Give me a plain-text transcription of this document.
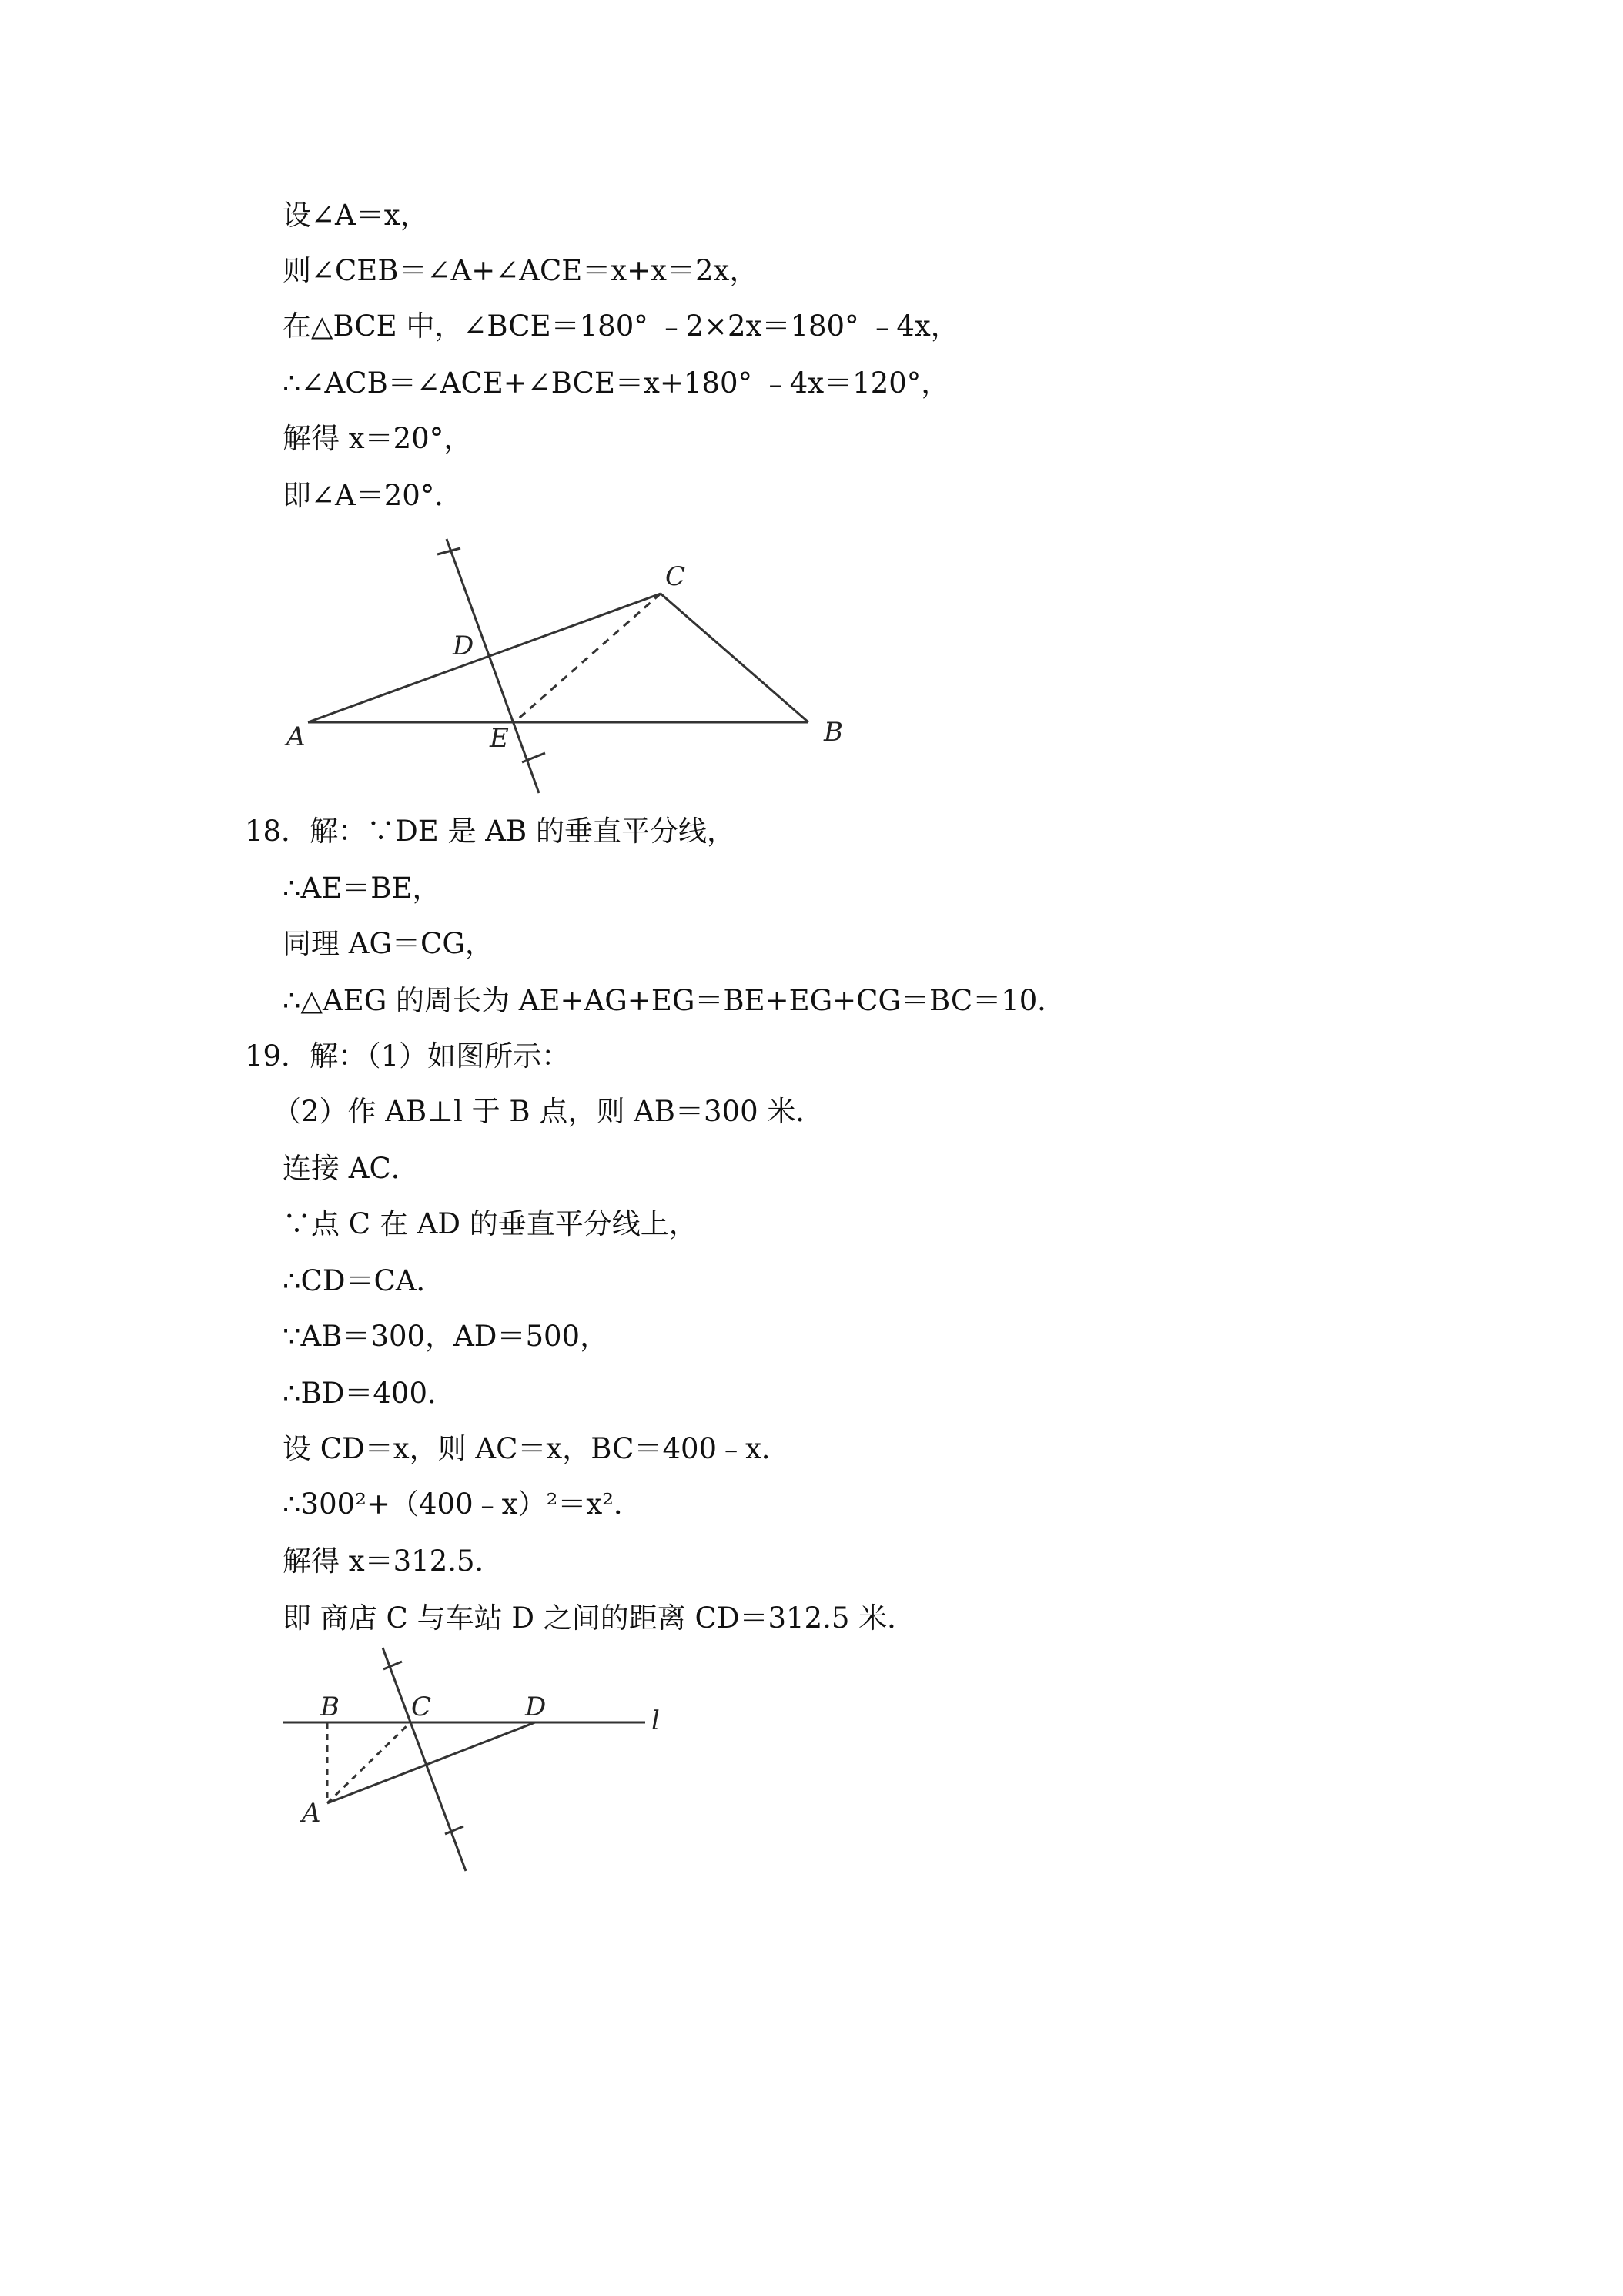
设∠A＝x，
则∠CEB＝∠A+∠ACE＝x+x＝2x，
在△BCE 中，∠BCE＝180° ﹣2×2x＝180° ﹣4x，
∴∠ACB＝∠ACE+∠BCE＝x+180° ﹣4x＝120°，
解得 x＝20°，
即∠A＝20°．
A	B
C
D
E
18．解：∵DE 是 AB 的垂直平分线，
∴AE＝BE，
同理 AG＝CG，
∴△AEG 的周长为 AE+AG+EG＝BE+EG+CG＝BC＝10．
19．解：（1）如图所示：
（2）作 AB⊥l 于 B 点，则 AB＝300 米．
连接 AC．
∵点 C 在 AD 的垂直平分线上，
∴CD＝CA．
∵AB＝300，AD＝500，
∴BD＝400．
设 CD＝x，则 AC＝x，BC＝400﹣x．
∴300²+（400﹣x）²＝x²．
解得 x＝312.5．
即 商店 C 与车站 D 之间的距离 CD＝312.5 米．
B	C	D	l
A
